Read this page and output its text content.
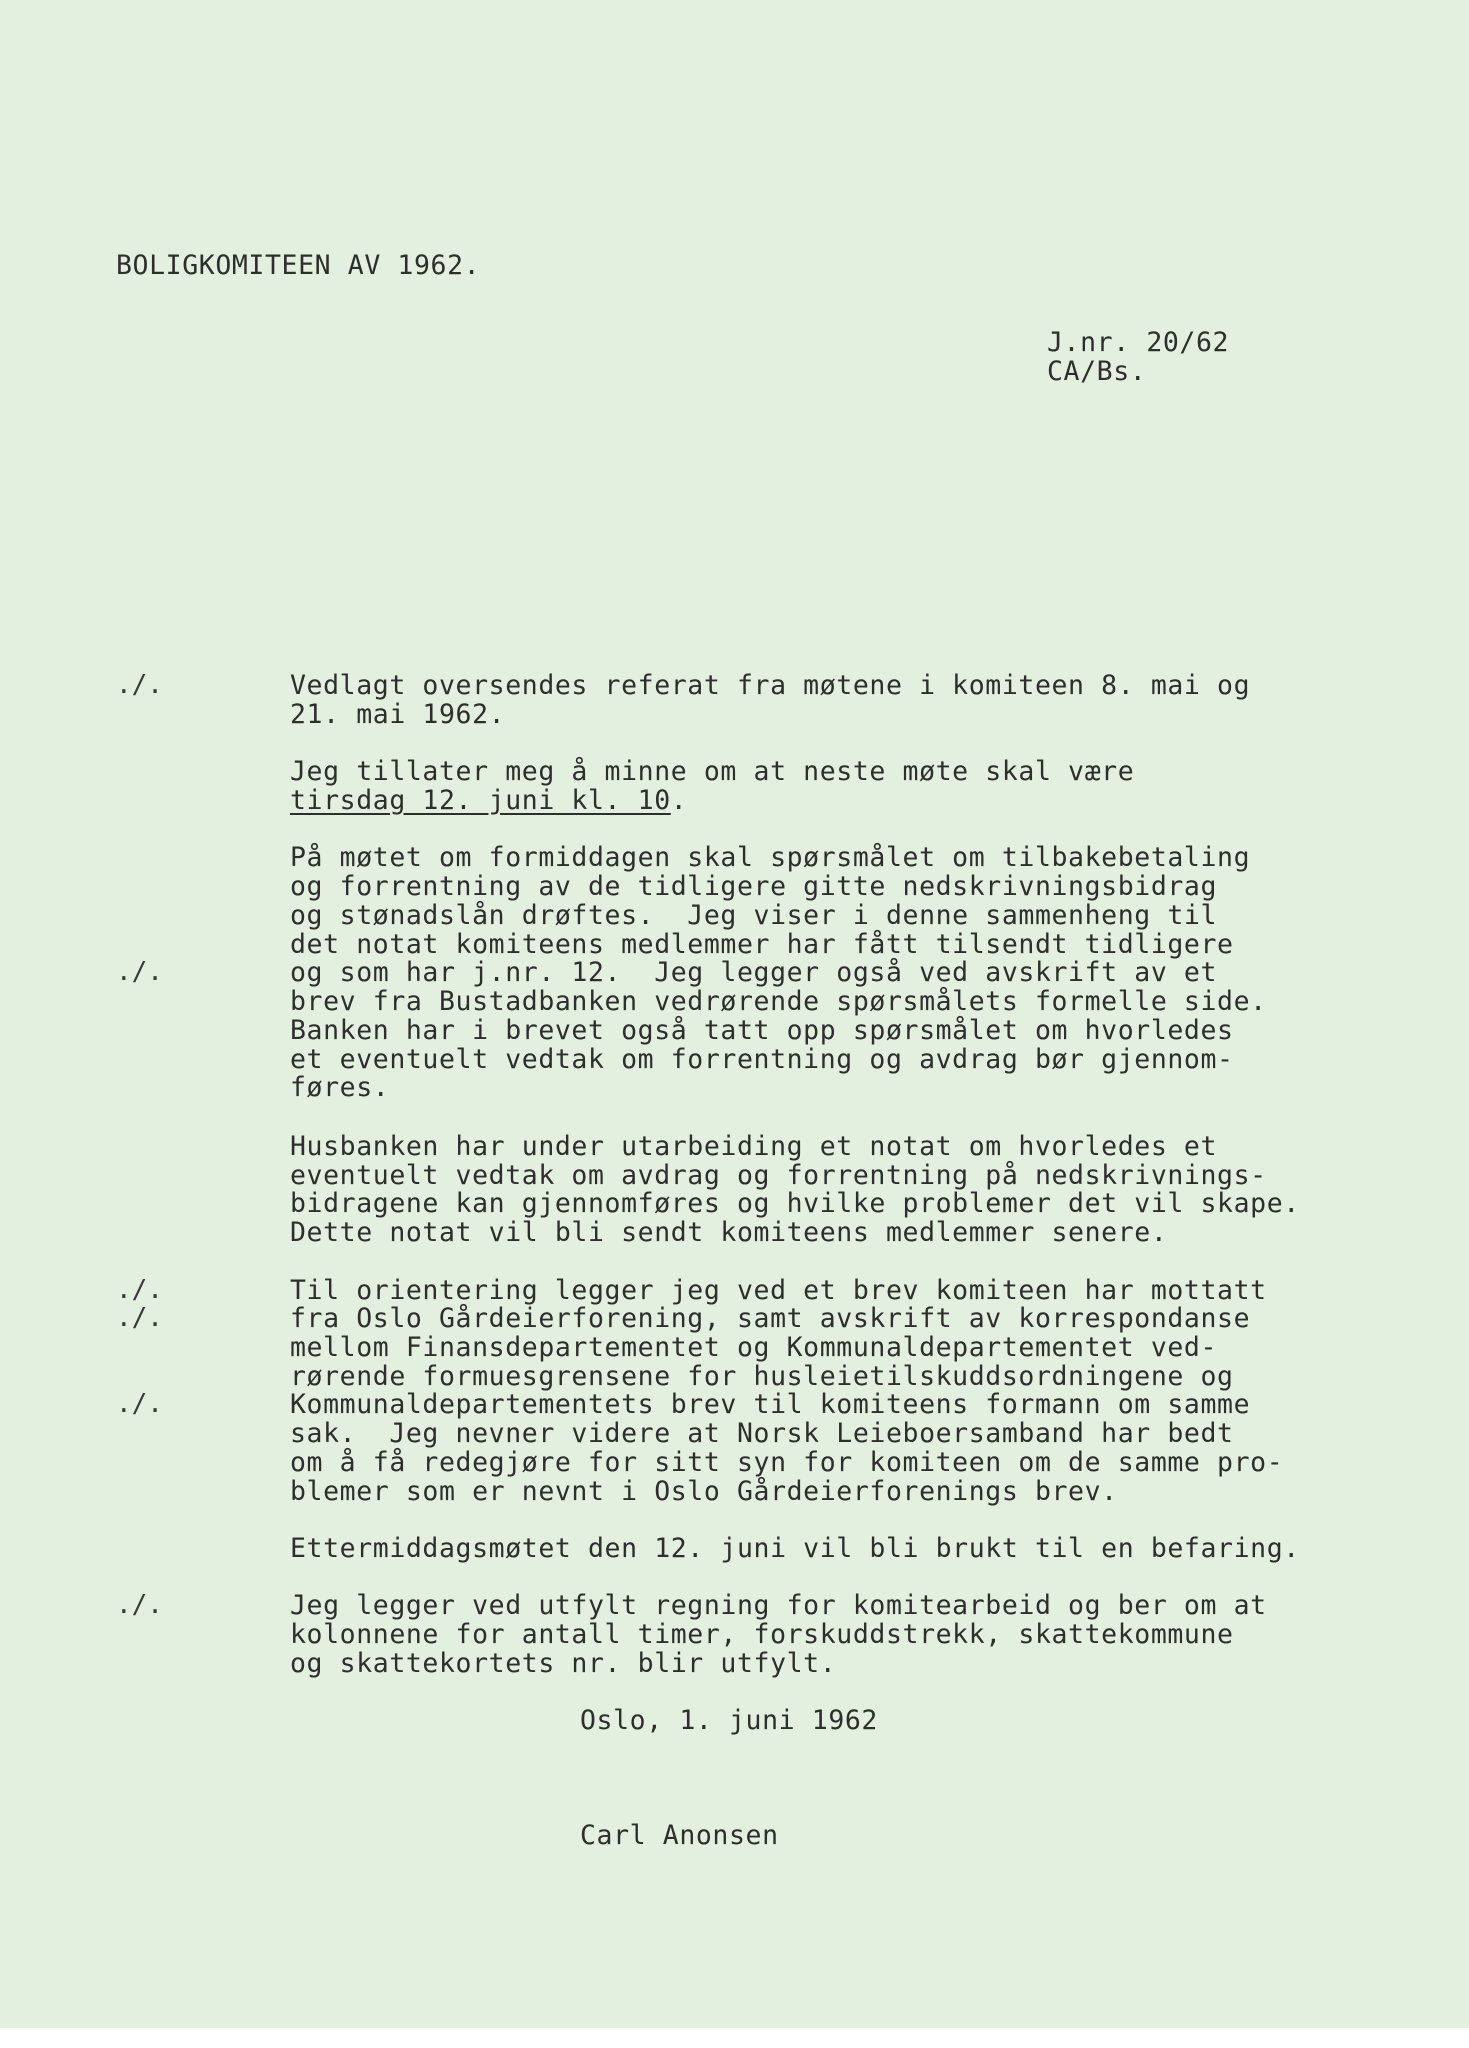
BOLIGKOMITEEN AV 1962.
J.nr. 20/62
CA/Bs.
./.
./.
./.
./.
./.
./.
Vedlagt oversendes referat fra møtene i komiteen 8. mai og
21. mai 1962.
Jeg tillater meg å minne om at neste møte skal være
tirsdag 12. juni kl. 10.
På møtet om formiddagen skal spørsmålet om tilbakebetaling
og forrentning av de tidligere gitte nedskrivningsbidrag
og stønadslån drøftes.  Jeg viser i denne sammenheng til
det notat komiteens medlemmer har fått tilsendt tidligere
og som har j.nr. 12.  Jeg legger også ved avskrift av et
brev fra Bustadbanken vedrørende spørsmålets formelle side.
Banken har i brevet også tatt opp spørsmålet om hvorledes
et eventuelt vedtak om forrentning og avdrag bør gjennom-
føres.
Husbanken har under utarbeiding et notat om hvorledes et
eventuelt vedtak om avdrag og forrentning på nedskrivnings-
bidragene kan gjennomføres og hvilke problemer det vil skape.
Dette notat vil bli sendt komiteens medlemmer senere.
Til orientering legger jeg ved et brev komiteen har mottatt
fra Oslo Gårdeierforening, samt avskrift av korrespondanse
mellom Finansdepartementet og Kommunaldepartementet ved-
rørende formuesgrensene for husleietilskuddsordningene og
Kommunaldepartementets brev til komiteens formann om samme
sak.  Jeg nevner videre at Norsk Leieboersamband har bedt
om å få redegjøre for sitt syn for komiteen om de samme pro-
blemer som er nevnt i Oslo Gårdeierforenings brev.
Ettermiddagsmøtet den 12. juni vil bli brukt til en befaring.
Jeg legger ved utfylt regning for komitearbeid og ber om at
kolonnene for antall timer, forskuddstrekk, skattekommune
og skattekortets nr. blir utfylt.
Oslo, 1. juni 1962
Carl Anonsen
